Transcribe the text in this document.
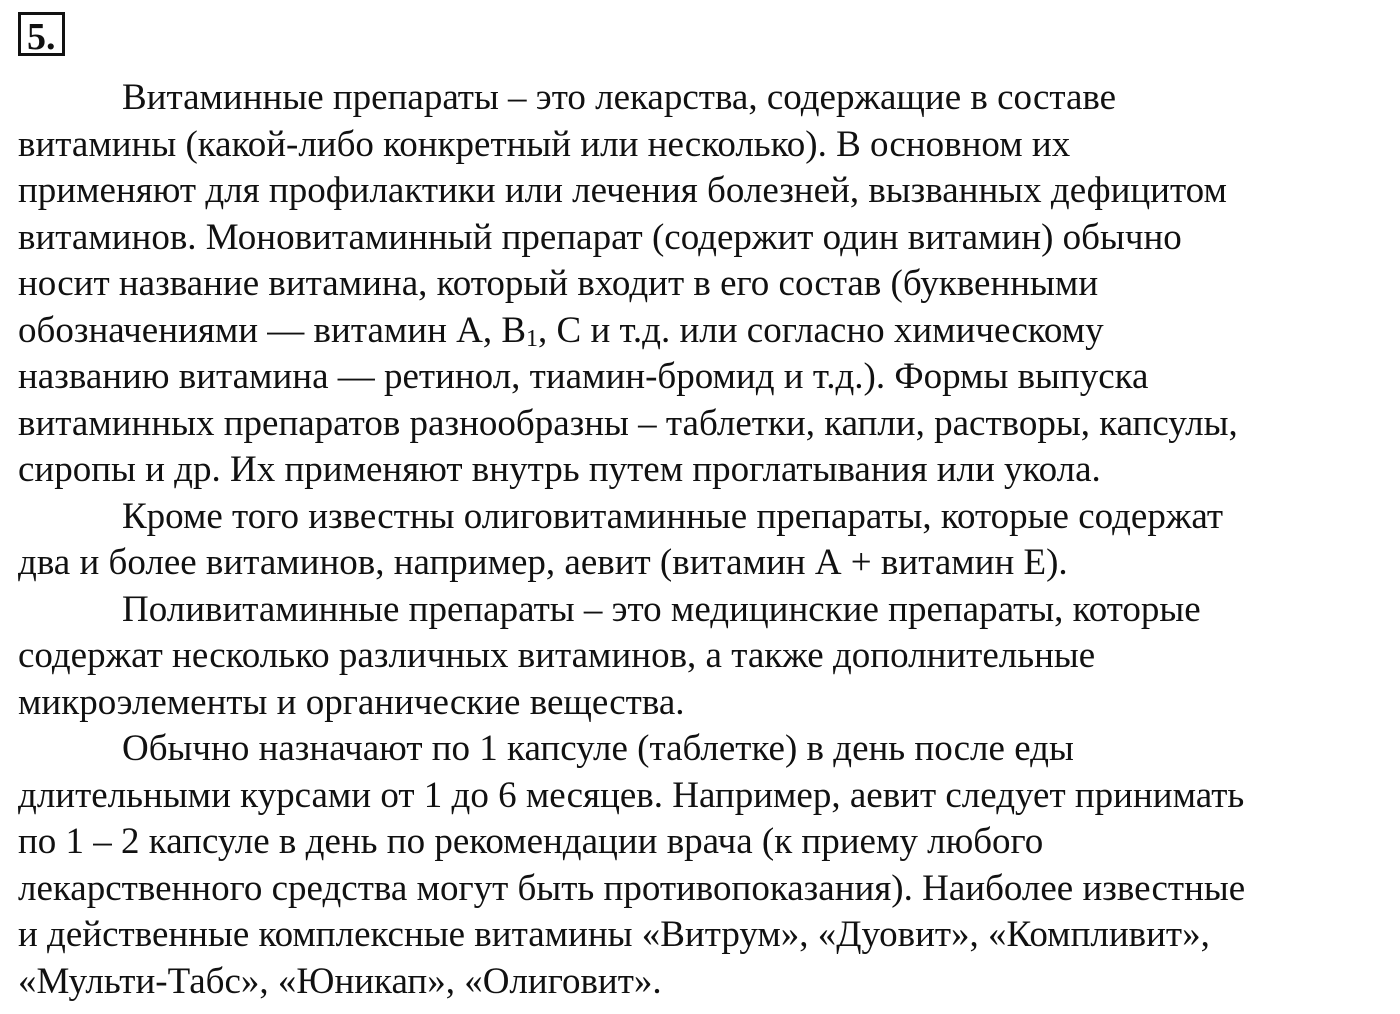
5.
Витаминные препараты – это лекарства, содержащие в составе
витамины (какой-либо конкретный или несколько). В основном их
применяют для профилактики или лечения болезней, вызванных дефицитом
витаминов. Моновитаминный препарат (содержит один витамин) обычно
носит название витамина, который входит в его состав (буквенными
обозначениями — витамин А, $В_1$, С и т.д. или согласно химическому
названию витамина — ретинол, тиамин-бромид и т.д.). Формы выпуска
витаминных препаратов разнообразны – таблетки, капли, растворы, капсулы,
сиропы и др. Их применяют внутрь путем проглатывания или укола.
Кроме того известны олиговитаминные препараты, которые содержат
два и более витаминов, например, аевит (витамин А + витамин Е).
Поливитаминные препараты – это медицинские препараты, которые
содержат несколько различных витаминов, а также дополнительные
микроэлементы и органические вещества.
Обычно назначают по 1 капсуле (таблетке) в день после еды
длительными курсами от 1 до 6 месяцев. Например, аевит следует принимать
по 1 – 2 капсуле в день по рекомендации врача (к приему любого
лекарственного средства могут быть противопоказания). Наиболее известные
и действенные комплексные витамины «Витрум», «Дуовит», «Компливит»,
«Мульти-Табс», «Юникап», «Олиговит».
